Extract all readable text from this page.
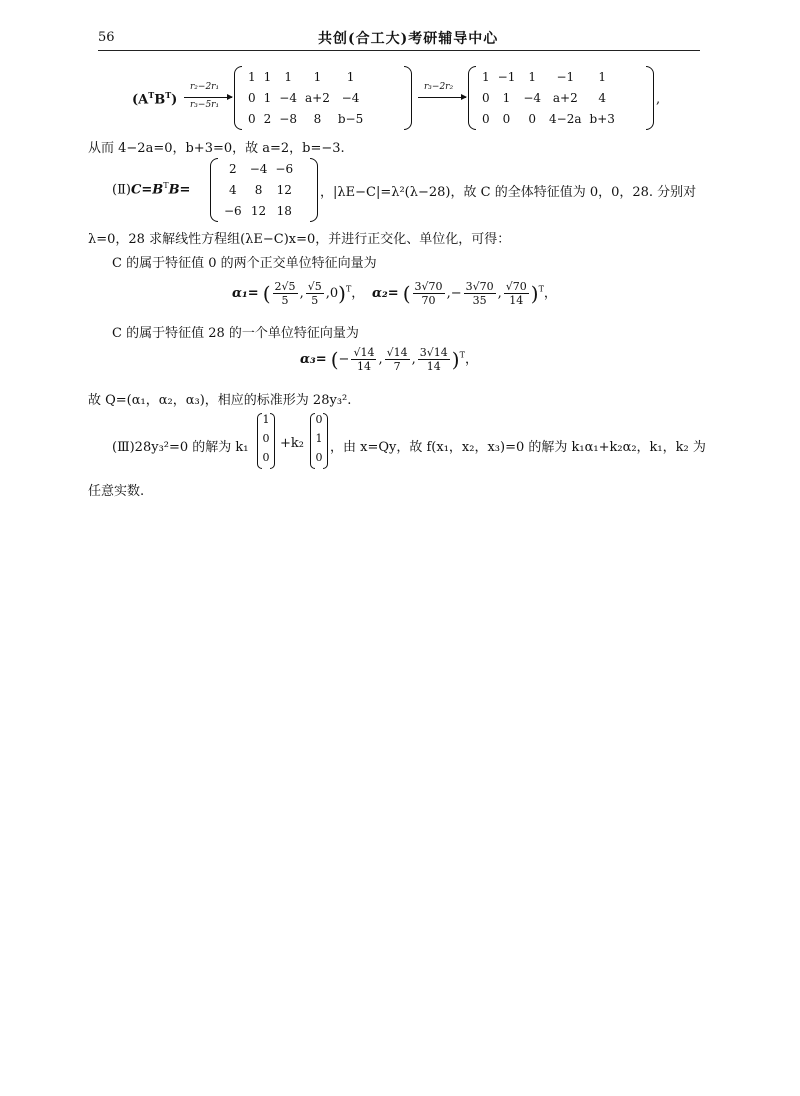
56	共创(合工大)考研辅导中心
$(A^TB^T)$
r₂−2r₁
r₃−5r₁
1	1	1	1	1
0	1	−4	a+2	−4
0	2	−8	8	b−5
r₃−2r₂
1	−1	1	−1	1
0	1	−4	a+2	4
0	0	0	4−2a	b+3
,
从而 4−2a=0，b+3=0，故 a=2，b=−3.
$(Ⅱ)C=B^TB=$
2	−4	−6
4	8	12
−6	12	18
，|λE−C|=λ²(λ−28)，故 C 的全体特征值为 0，0，28. 分别对
λ=0，28 求解线性方程组(λE−C)x=0，并进行正交化、单位化，可得：
C 的属于特征值 0 的两个正交单位特征向量为
α₁= ( $\frac{2√5}{5}$ , $\frac{√5}{5} ,0)^T$， α₂= ( $\frac{3√70}{70}$ ,− $\frac{3√70}{35}$ , $\frac{√70}{14} )^T$，
C 的属于特征值 28 的一个单位特征向量为
α₃= (− $\frac{√14}{14}$ , $\frac{√14}{7}$ , $\frac{3√14}{14} )^T$，
故 Q=(α₁，α₂，α₃)，相应的标准形为 28y₃².
(Ⅲ)28y₃²=0 的解为 k₁
1
0
0
+k₂
0
1
0
，由 x=Qy，故 f(x₁，x₂，x₃)=0 的解为 k₁α₁+k₂α₂，k₁，k₂ 为
任意实数.
